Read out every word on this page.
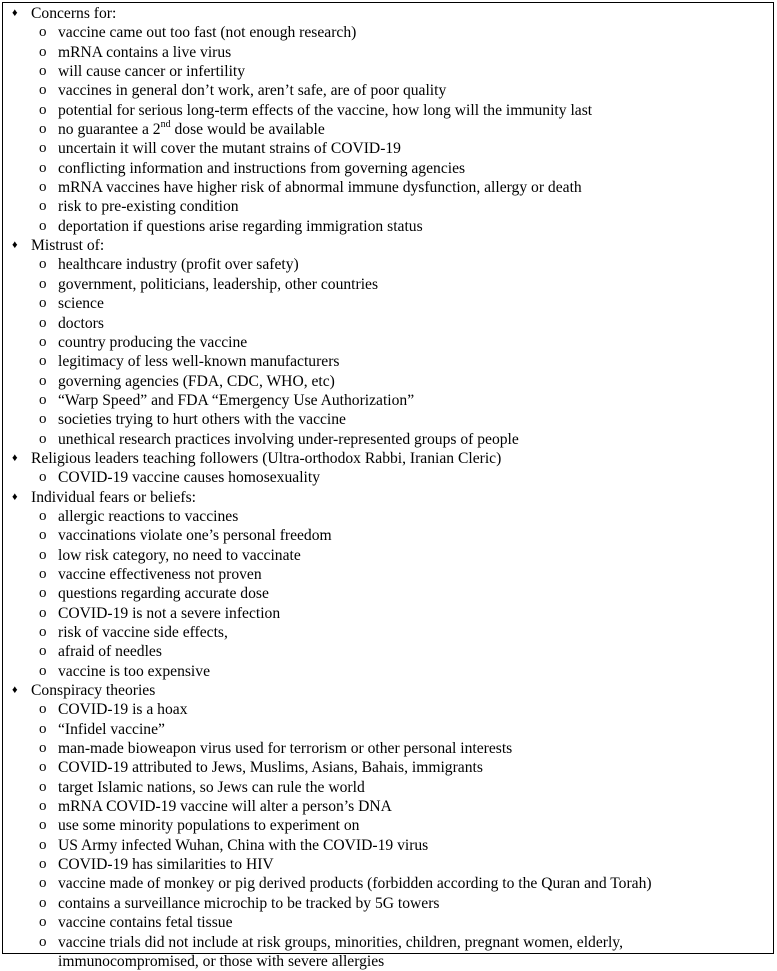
♦ Concerns for:
o vaccine came out too fast (not enough research)
o mRNA contains a live virus
o will cause cancer or infertility
o vaccines in general don’t work, aren’t safe, are of poor quality
o potential for serious long-term effects of the vaccine, how long will the immunity last
o no guarantee a 2nd dose would be available
o uncertain it will cover the mutant strains of COVID-19
o conflicting information and instructions from governing agencies
o mRNA vaccines have higher risk of abnormal immune dysfunction, allergy or death
o risk to pre-existing condition
o deportation if questions arise regarding immigration status
♦ Mistrust of:
o healthcare industry (profit over safety)
o government, politicians, leadership, other countries
o science
o doctors
o country producing the vaccine
o legitimacy of less well-known manufacturers
o governing agencies (FDA, CDC, WHO, etc)
o “Warp Speed” and FDA “Emergency Use Authorization”
o societies trying to hurt others with the vaccine
o unethical research practices involving under-represented groups of people
♦ Religious leaders teaching followers (Ultra-orthodox Rabbi, Iranian Cleric)
o COVID-19 vaccine causes homosexuality
♦ Individual fears or beliefs:
o allergic reactions to vaccines
o vaccinations violate one’s personal freedom
o low risk category, no need to vaccinate
o vaccine effectiveness not proven
o questions regarding accurate dose
o COVID-19 is not a severe infection
o risk of vaccine side effects,
o afraid of needles
o vaccine is too expensive
♦ Conspiracy theories
o COVID-19 is a hoax
o “Infidel vaccine”
o man-made bioweapon virus used for terrorism or other personal interests
o COVID-19 attributed to Jews, Muslims, Asians, Bahais, immigrants
o target Islamic nations, so Jews can rule the world
o mRNA COVID-19 vaccine will alter a person’s DNA
o use some minority populations to experiment on
o US Army infected Wuhan, China with the COVID-19 virus
o COVID-19 has similarities to HIV
o vaccine made of monkey or pig derived products (forbidden according to the Quran and Torah)
o contains a surveillance microchip to be tracked by 5G towers
o vaccine contains fetal tissue
o vaccine trials did not include at risk groups, minorities, children, pregnant women, elderly, immunocompromised, or those with severe allergies
